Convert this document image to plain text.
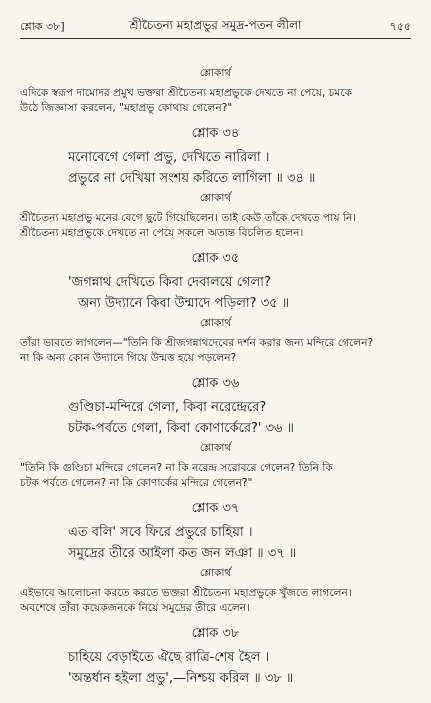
শ্লোক ৩৮]	শ্রীচৈতন্য মহাপ্রভুর সমুদ্র-পতন লীলা	৭৫৫
শ্লোকার্থ
এদিকে স্বরূপ দামোদর প্রমুখ ভক্তরা শ্রীচৈতন্য মহাপ্রভুকে দেখতে না পেয়ে, চমকে
উঠে জিজ্ঞাসা করলেন, "মহাপ্রভু কোথায় গেলেন?"
শ্লোক ৩৪
মনোবেগে গেলা প্রভু, দেখিতে নারিলা ।
প্রভুরে না দেখিয়া সংশয় করিতে লাগিলা ॥ ৩৪ ॥
শ্লোকার্থ
শ্রীচৈতন্য মহাপ্রভু মনের বেগে ছুটে গিয়েছিলেন। তাই কেউ তাঁকে দেখতে পায় নি।
শ্রীচৈতন্য মহাপ্রভুকে দেখতে না পেয়ে সকলে অত্যন্ত বিচলিত হলেন।
শ্লোক ৩৫
'জগন্নাথ দেখিতে কিবা দেবালয়ে গেলা?
অন্য উদ্যানে কিবা উন্মাদে পড়িলা? ৩৫ ॥
শ্লোকার্থ
তাঁরা ভাবতে লাগলেন—"তিনি কি শ্রীজগন্নাথদেবের দর্শন করার জন্য মন্দিরে গেলেন?
না কি অন্য কোন উদ্যানে গিয়ে উন্মত্ত হয়ে পড়লেন?
শ্লোক ৩৬
গুণ্ডিচা-মন্দিরে গেলা, কিবা নরেন্দ্রেরে?
চটক-পর্বতে গেলা, কিবা কোণার্কেরে?' ৩৬ ॥
শ্লোকার্থ
"তিনি কি গুণ্ডিচা মন্দিরে গেলেন? না কি নরেন্দ্র সরোবরে গেলেন? তিনি কি
চটক পর্বতে গেলেন? না কি কোণার্কের মন্দিরে গেলেন?"
শ্লোক ৩৭
এত বলি' সবে ফিরে প্রভুরে চাহিয়া ।
সমুদ্রের তীরে আইলা কত জন লঞা ॥ ৩৭ ॥
শ্লোকার্থ
এইভাবে আলোচনা করতে করতে ভক্তরা শ্রীচৈতন্য মহাপ্রভুকে খুঁজতে লাগলেন।
অবশেষে তাঁরা কয়েকজনকে নিয়ে সমুদ্রের তীরে এলেন।
শ্লোক ৩৮
চাহিয়ে বেড়াইতে ঐছে রাত্রি-শেষ হৈল ।
'অন্তর্ধান হইলা প্রভু',—নিশ্চয় করিল ॥ ৩৮ ॥
